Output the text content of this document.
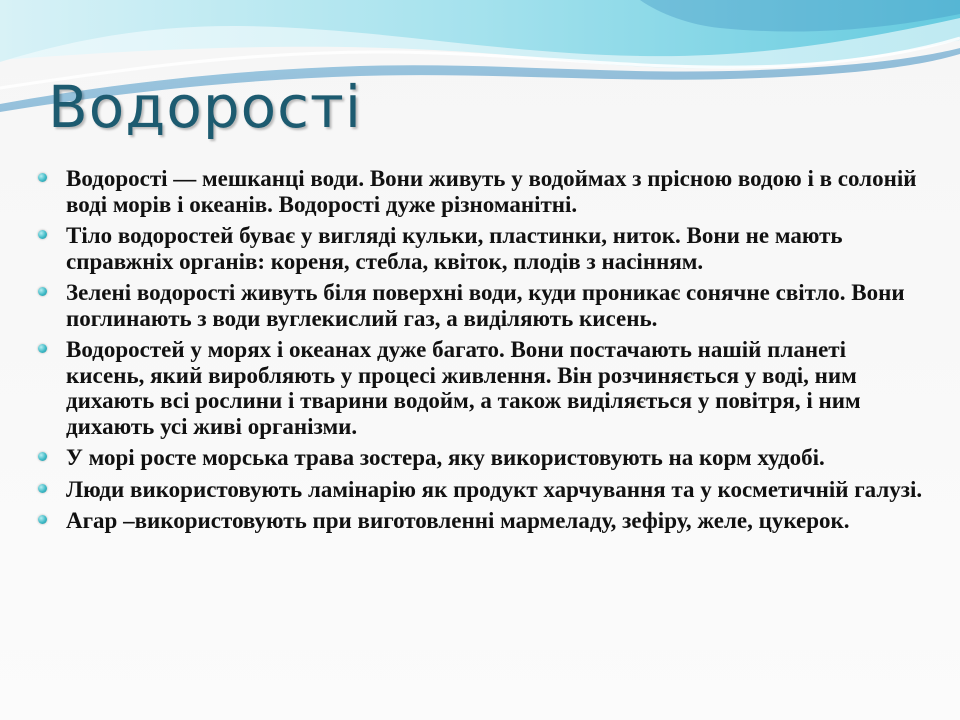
Водорості
Водорості — мешканці води. Вони живуть у водоймах з прісною водою і в солоній воді морів і океанів. Водорості дуже різноманітні.
Тіло водоростей буває у вигляді кульки, пластинки, ниток. Вони не мають справжніх органів: кореня, стебла, квіток, плодів з насінням.
Зелені водорості живуть біля поверхні води, куди проникає сонячне світло. Вони поглинають з води вуглекислий газ, а виділяють кисень.
Водоростей у морях і океанах дуже багато. Вони постачають нашій планеті кисень, який виробляють у процесі живлення. Він розчиняється у воді, ним дихають всі рослини і тварини водойм, а також виділяється у повітря, і ним дихають усі живі організми.
У морі росте морська трава зостера, яку використовують на корм худобі.
Люди використовують ламінарію як продукт харчування та у косметичній галузі.
Агар –використовують при виготовленні мармеладу, зефіру, желе, цукерок.
